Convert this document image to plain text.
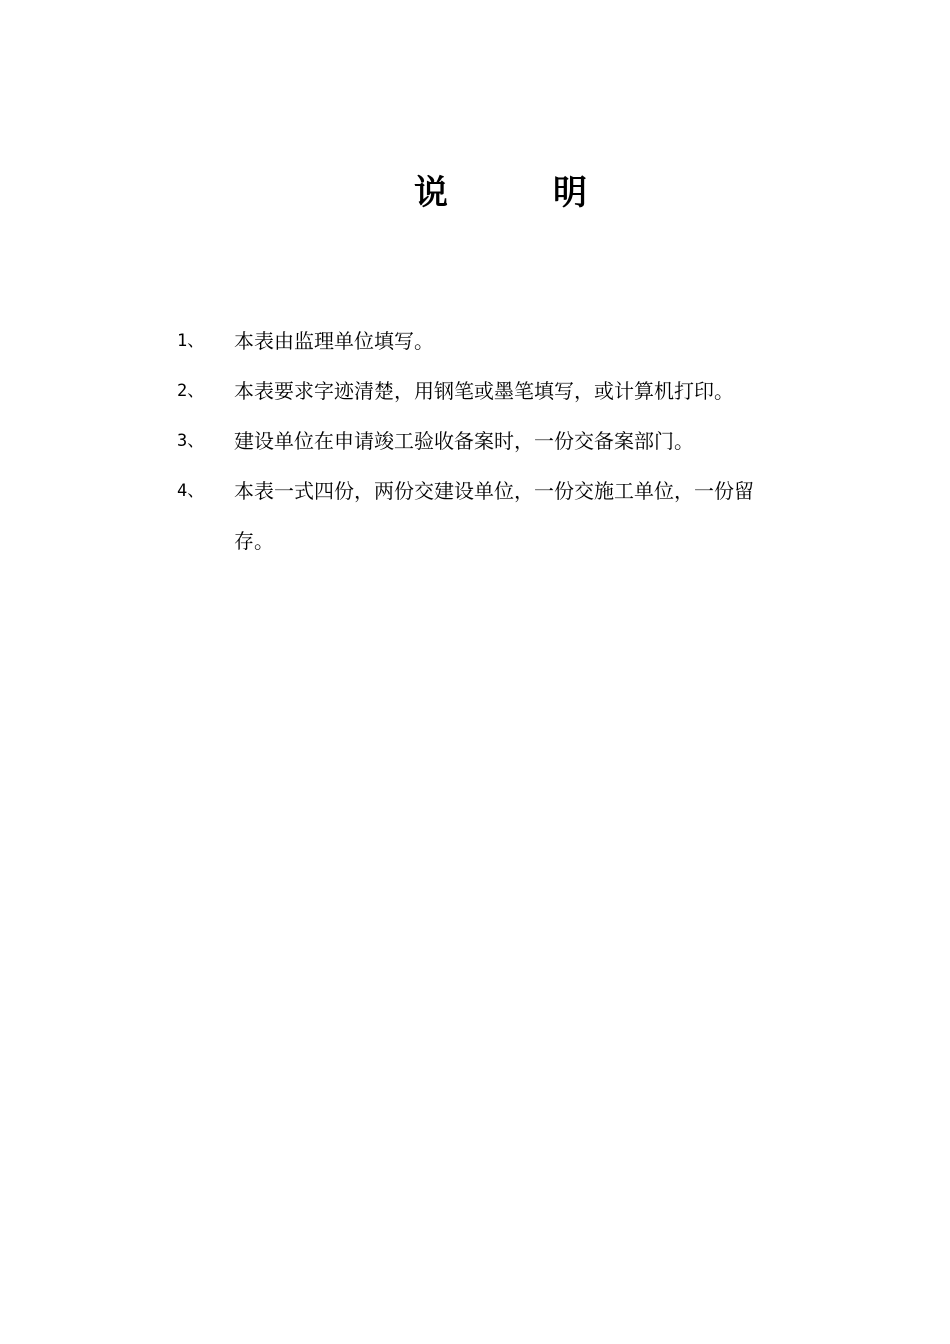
说	明
1、 本表由监理单位填写。
2、 本表要求字迹清楚，用钢笔或墨笔填写，或计算机打印。
3、 建设单位在申请竣工验收备案时，一份交备案部门。
4、 本表一式四份，两份交建设单位，一份交施工单位，一份留
存。
